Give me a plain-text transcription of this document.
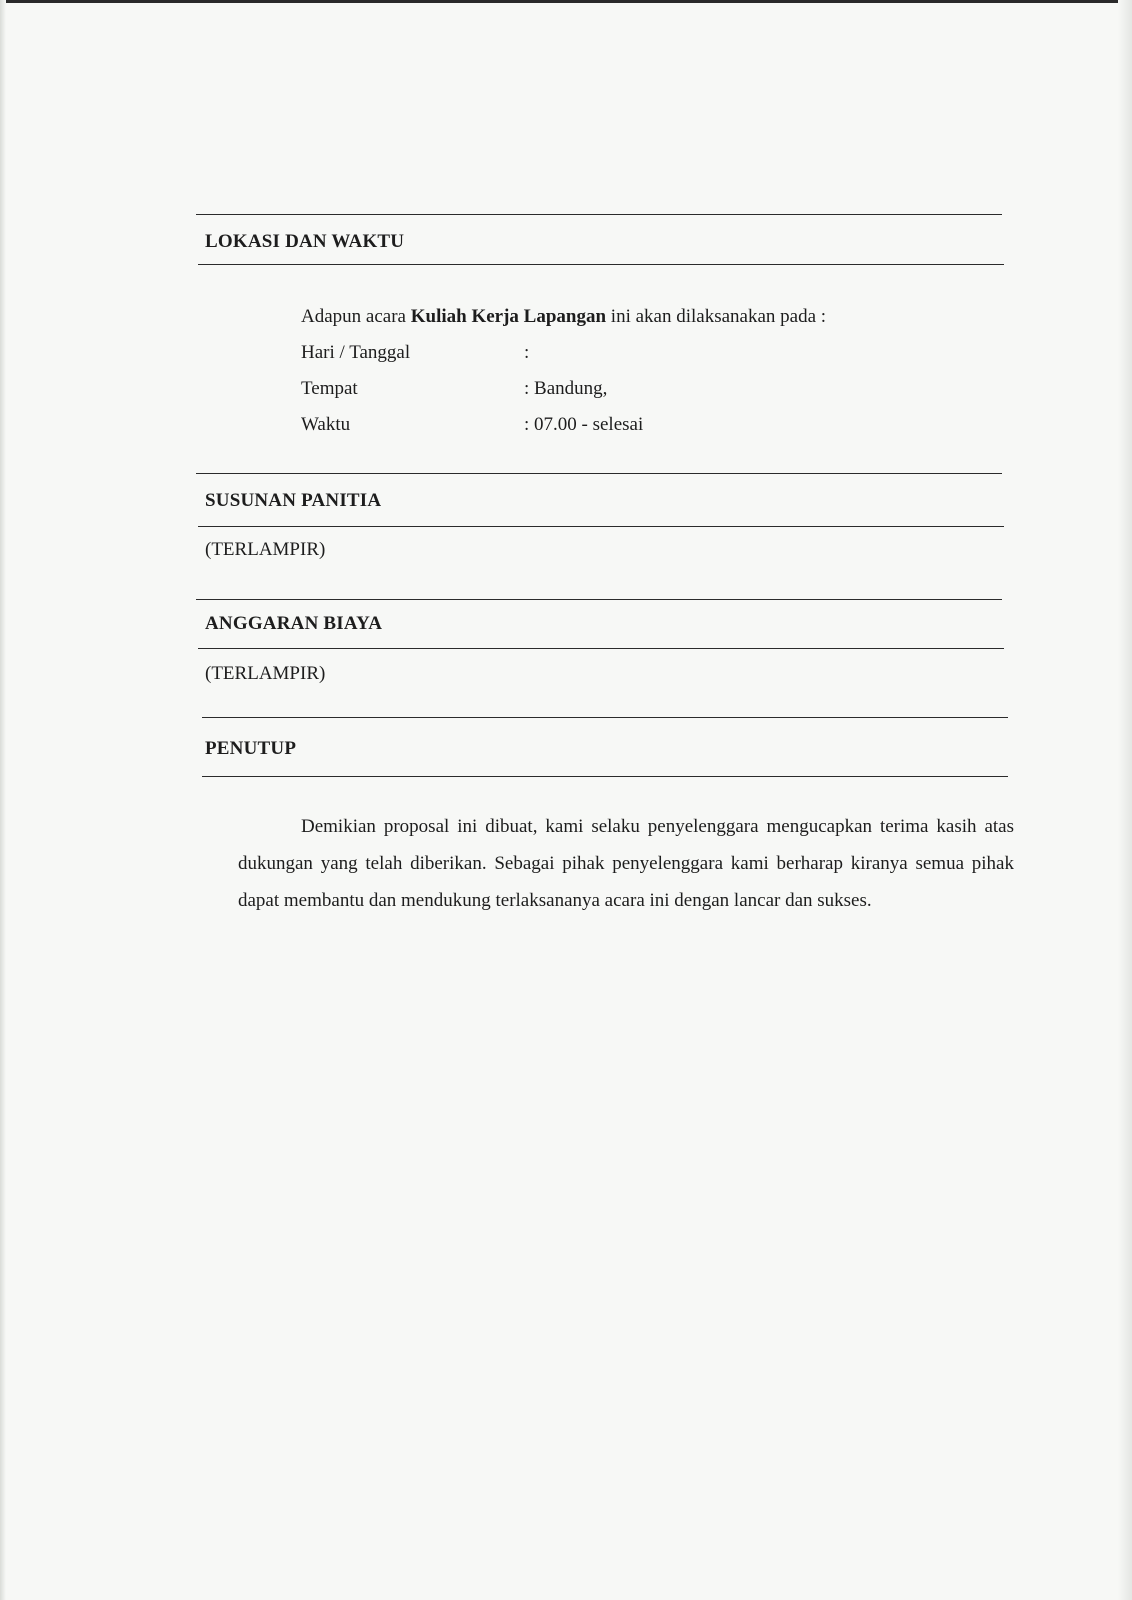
LOKASI DAN WAKTU

Adapun acara Kuliah Kerja Lapangan ini akan dilaksanakan pada :

Hari / Tanggal	:
Tempat	: Bandung,
Waktu	: 07.00 - selesai
SUSUNAN PANITIA

(TERLAMPIR)

ANGGARAN BIAYA

(TERLAMPIR)

PENUTUP

Demikian proposal ini dibuat, kami selaku penyelenggara mengucapkan terima kasih atas dukungan yang telah diberikan. Sebagai pihak penyelenggara kami berharap kiranya semua pihak dapat membantu dan mendukung terlaksananya acara ini dengan lancar dan sukses.
